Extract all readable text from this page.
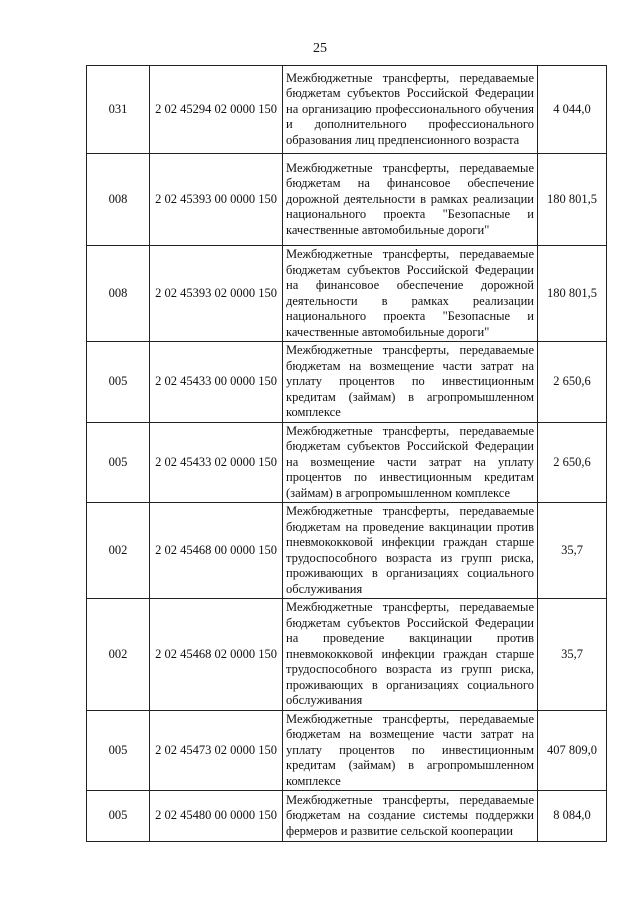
25
031	2 02 45294 02 0000 150	Межбюджетные трансферты, передаваемые бюджетам субъектов Российской Федерации на организацию профессионального обучения и дополнительного профессионального образования лиц предпенсионного возраста	4 044,0
008	2 02 45393 00 0000 150	Межбюджетные трансферты, передаваемые бюджетам на финансовое обеспечение дорожной деятельности в рамках реализации национального проекта "Безопасные и качественные автомобильные дороги"	180 801,5
008	2 02 45393 02 0000 150	Межбюджетные трансферты, передаваемые бюджетам субъектов Российской Федерации на финансовое обеспечение дорожной деятельности в рамках реализации национального проекта "Безопасные и качественные автомобильные дороги"	180 801,5
005	2 02 45433 00 0000 150	Межбюджетные трансферты, передаваемые бюджетам на возмещение части затрат на уплату процентов по инвестиционным кредитам (займам) в агропромышленном комплексе	2 650,6
005	2 02 45433 02 0000 150	Межбюджетные трансферты, передаваемые бюджетам субъектов Российской Федерации на возмещение части затрат на уплату процентов по инвестиционным кредитам (займам) в агропромышленном комплексе	2 650,6
002	2 02 45468 00 0000 150	Межбюджетные трансферты, передаваемые бюджетам на проведение вакцинации против пневмококковой инфекции граждан старше трудоспособного возраста из групп риска, проживающих в организациях социального обслуживания	35,7
002	2 02 45468 02 0000 150	Межбюджетные трансферты, передаваемые бюджетам субъектов Российской Федерации на проведение вакцинации против пневмококковой инфекции граждан старше трудоспособного возраста из групп риска, проживающих в организациях социального обслуживания	35,7
005	2 02 45473 02 0000 150	Межбюджетные трансферты, передаваемые бюджетам на возмещение части затрат на уплату процентов по инвестиционным кредитам (займам) в агропромышленном комплексе	407 809,0
005	2 02 45480 00 0000 150	Межбюджетные трансферты, передаваемые бюджетам на создание системы поддержки фермеров и развитие сельской кооперации	8 084,0
